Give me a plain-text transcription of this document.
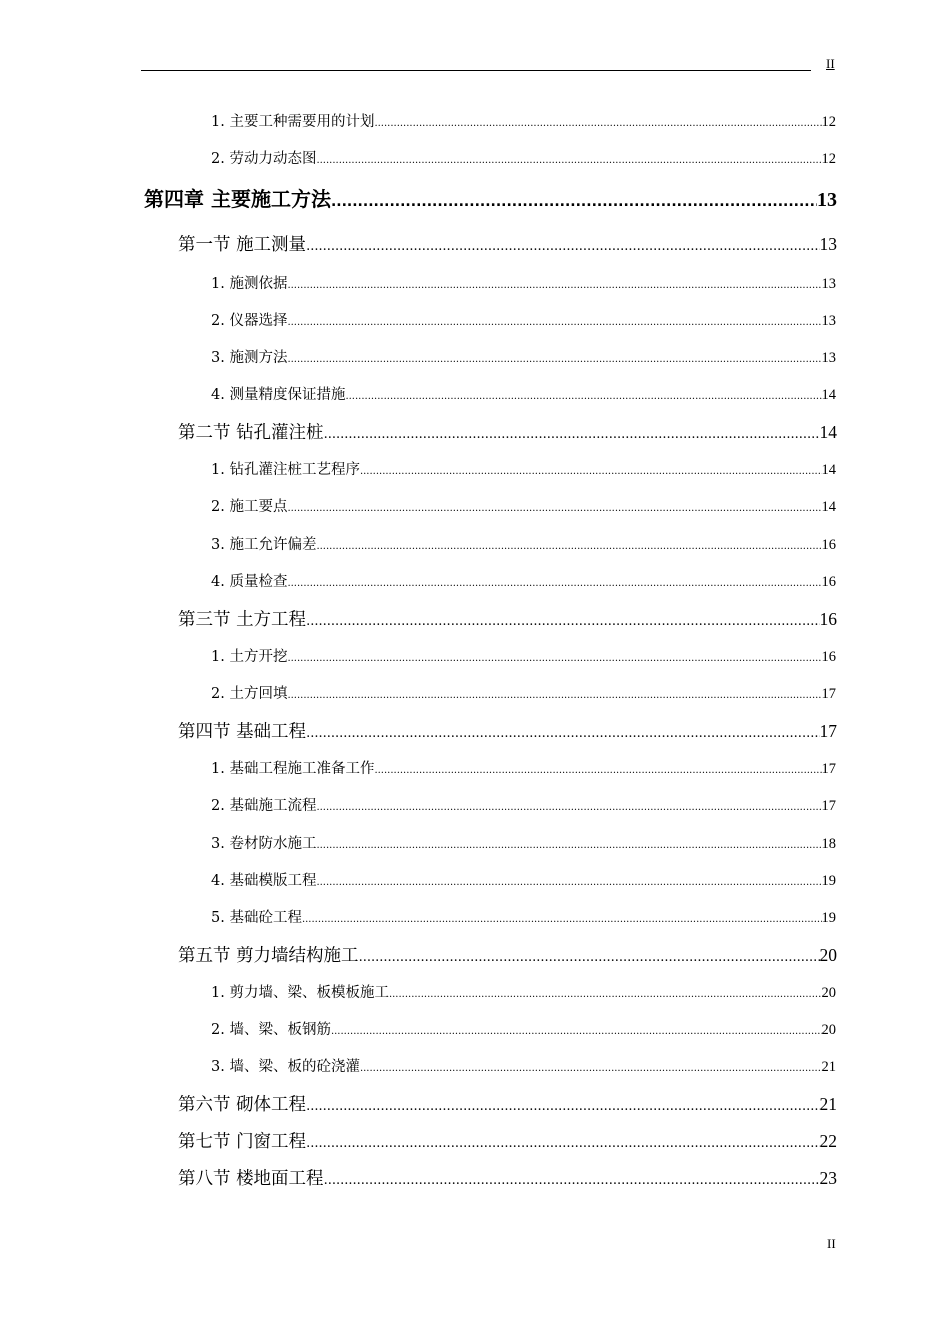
II
1. 主要工种需要用的计划 .....	12
2. 劳动力动态图 .....	12
第四章 主要施工方法 .....	13
第一节 施工测量 .....	13
1. 施测依据 .....	13
2. 仪器选择 .....	13
3. 施测方法 .....	13
4. 测量精度保证措施 .....	14
第二节 钻孔灌注桩 .....	14
1. 钻孔灌注桩工艺程序 .....	14
2. 施工要点 .....	14
3. 施工允许偏差 .....	16
4. 质量检查 .....	16
第三节 土方工程 .....	16
1. 土方开挖 .....	16
2. 土方回填 .....	17
第四节 基础工程 .....	17
1. 基础工程施工准备工作 .....	17
2. 基础施工流程 .....	17
3. 卷材防水施工 .....	18
4. 基础模版工程 .....	19
5. 基础砼工程 .....	19
第五节 剪力墙结构施工 .....	20
1. 剪力墙、梁、板模板施工 .....	20
2. 墙、梁、板钢筋 .....	20
3. 墙、梁、板的砼浇灌 .....	21
第六节 砌体工程 .....	21
第七节 门窗工程 .....	22
第八节 楼地面工程 .....	23
II
